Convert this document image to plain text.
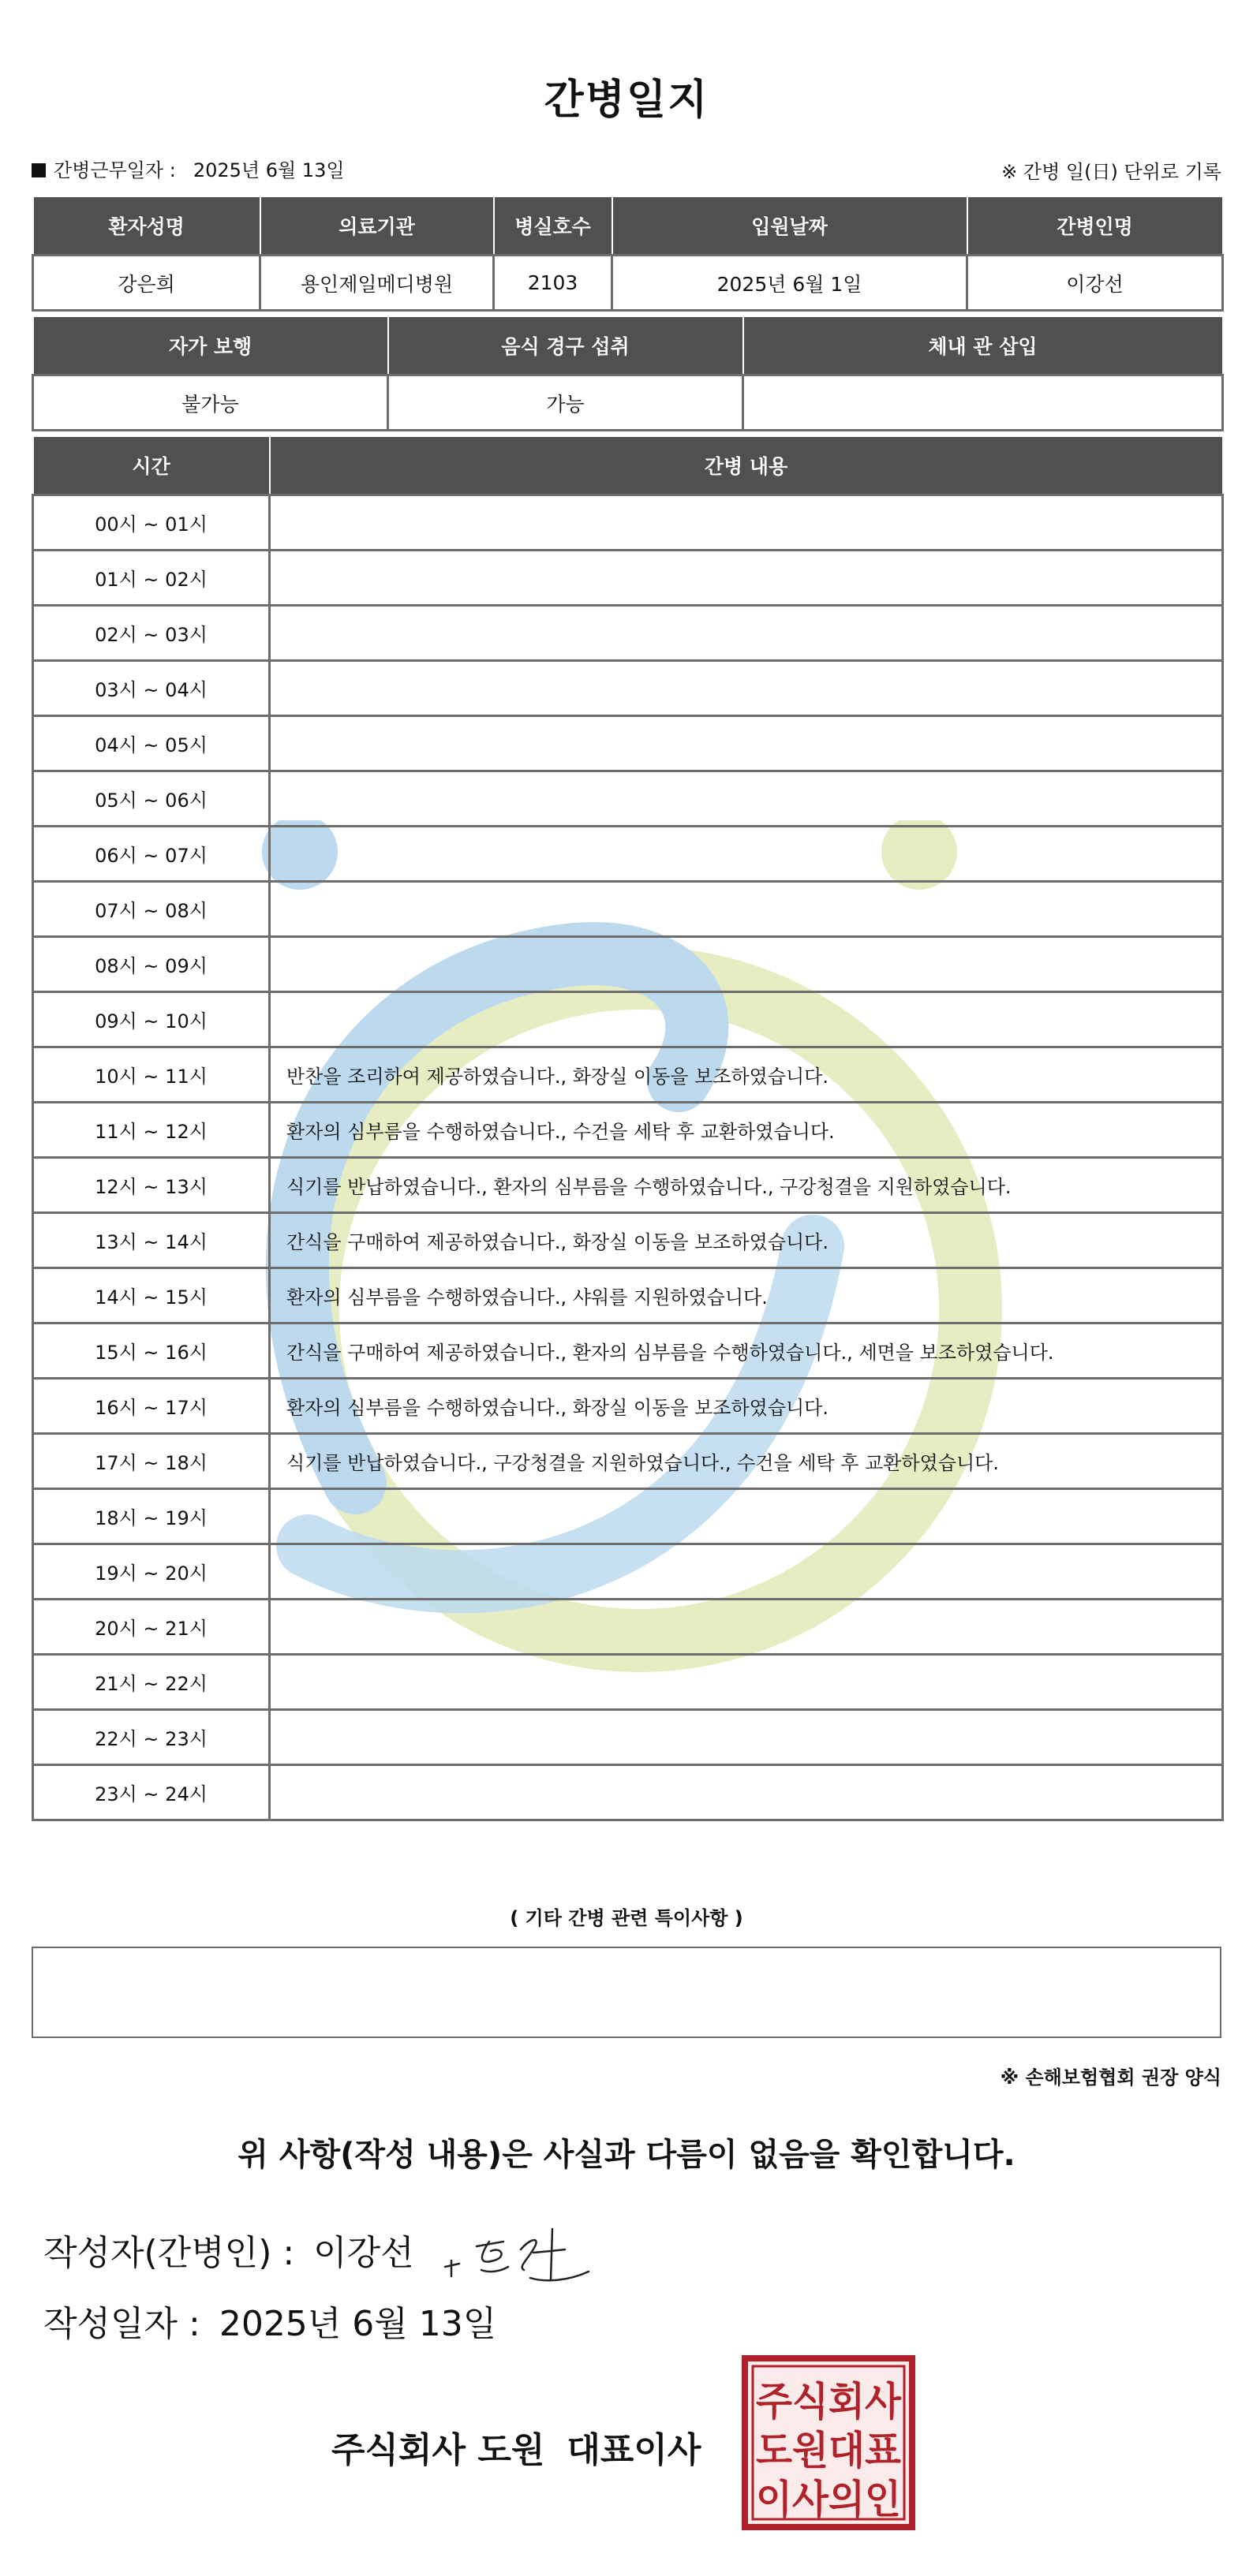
간병일지
간병근무일자 : 2025년 6월 13일	※ 간병 일(日) 단위로 기록
환자성명	의료기관	병실호수	입원날짜	간병인명
강은희	용인제일메디병원	2103	2025년 6월 1일	이강선
자가 보행	음식 경구 섭취	체내 관 삽입
불가능	가능	
시간	간병 내용
00시 ~ 01시	
01시 ~ 02시	
02시 ~ 03시	
03시 ~ 04시	
04시 ~ 05시	
05시 ~ 06시	
06시 ~ 07시	
07시 ~ 08시	
08시 ~ 09시	
09시 ~ 10시	
10시 ~ 11시	반찬을 조리하여 제공하였습니다., 화장실 이동을 보조하였습니다.
11시 ~ 12시	환자의 심부름을 수행하였습니다., 수건을 세탁 후 교환하였습니다.
12시 ~ 13시	식기를 반납하였습니다., 환자의 심부름을 수행하였습니다., 구강청결을 지원하였습니다.
13시 ~ 14시	간식을 구매하여 제공하였습니다., 화장실 이동을 보조하였습니다.
14시 ~ 15시	환자의 심부름을 수행하였습니다., 샤워를 지원하였습니다.
15시 ~ 16시	간식을 구매하여 제공하였습니다., 환자의 심부름을 수행하였습니다., 세면을 보조하였습니다.
16시 ~ 17시	환자의 심부름을 수행하였습니다., 화장실 이동을 보조하였습니다.
17시 ~ 18시	식기를 반납하였습니다., 구강청결을 지원하였습니다., 수건을 세탁 후 교환하였습니다.
18시 ~ 19시	
19시 ~ 20시	
20시 ~ 21시	
21시 ~ 22시	
22시 ~ 23시	
23시 ~ 24시	
( 기타 간병 관련 특이사항 )
※ 손해보험협회 권장 양식
위 사항(작성 내용)은 사실과 다름이 없음을 확인합니다.
작성자(간병인) : 이강선
작성일자 : 2025년 6월 13일
주식회사 도원 대표이사
주식회사
도원대표
이사의인
